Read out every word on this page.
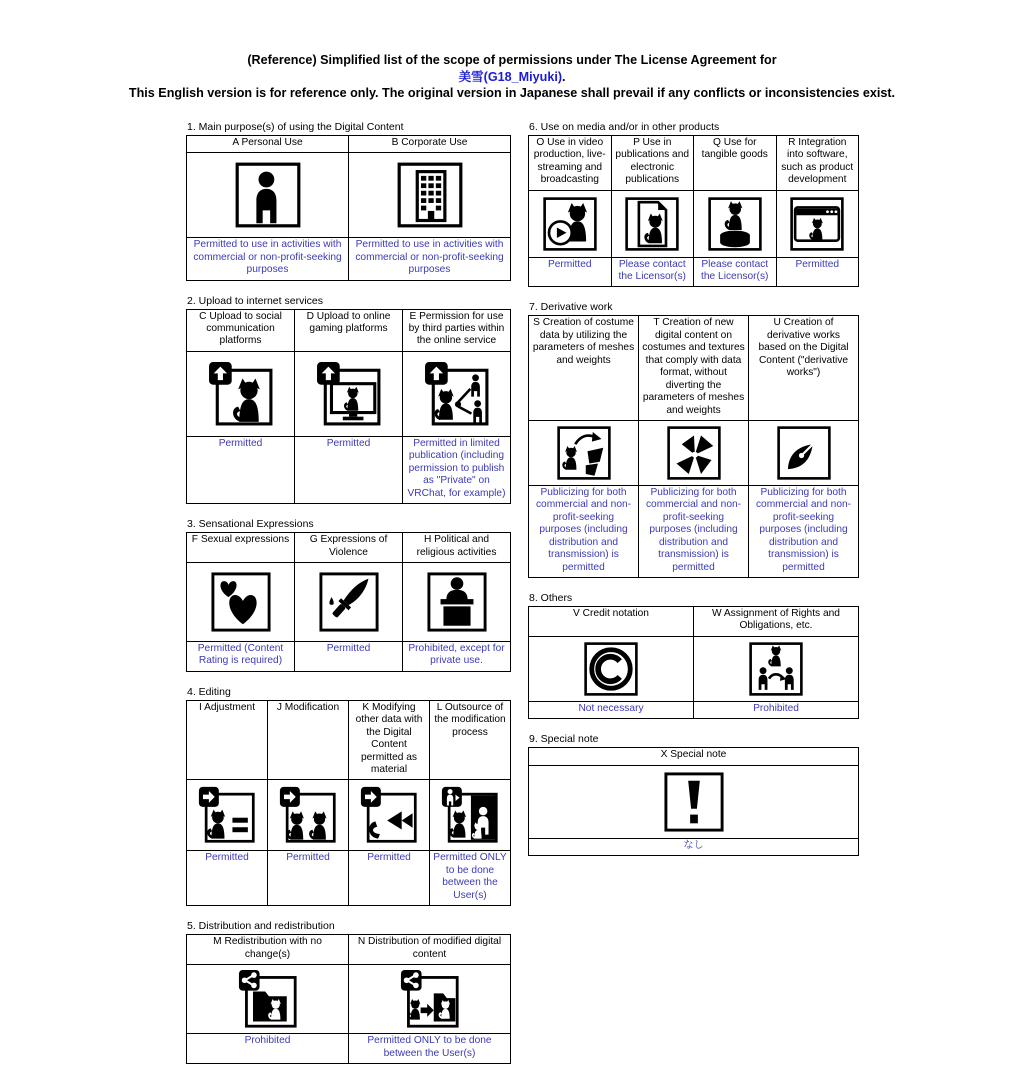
(Reference) Simplified list of the scope of permissions under The License Agreement for
美雪(G18_Miyuki).
This English version is for reference only. The original version in Japanese shall prevail if any conflicts or inconsistencies exist.
1. Main purpose(s) of using the Digital Content
A Personal Use	B Corporate Use

Permitted to use in activities with commercial or non-profit-seeking purposes	Permitted to use in activities with commercial or non-profit-seeking purposes
2. Upload to internet services
C Upload to social communication platforms	D Upload to online gaming platforms	E Permission for use by third parties within the online service

Permitted	Permitted	Permitted in limited publication (including permission to publish as "Private" on VRChat, for example)
3. Sensational Expressions
F Sexual expressions	G Expressions of Violence	H Political and religious activities

Permitted (Content Rating is required)	Permitted	Prohibited, except for private use.
4. Editing
I Adjustment	J Modification	K Modifying other data with the Digital Content permitted as material	L Outsource of the modification process

Permitted	Permitted	Permitted	Permitted ONLY to be done between the User(s)
5. Distribution and redistribution
M Redistribution with no change(s)	N Distribution of modified digital content

Prohibited	Permitted ONLY to be done between the User(s)
6. Use on media and/or in other products
O Use in video production, live-streaming and broadcasting	P Use in publications and electronic publications	Q Use for tangible goods	R Integration into software, such as product development

Permitted	Please contact the Licensor(s)	Please contact the Licensor(s)	Permitted
7. Derivative work
S Creation of costume data by utilizing the parameters of meshes and weights	T Creation of new digital content on costumes and textures that comply with data format, without diverting the parameters of meshes and weights	U Creation of derivative works based on the Digital Content ("derivative works")

Publicizing for both commercial and non-profit-seeking purposes (including distribution and transmission) is permitted	Publicizing for both commercial and non-profit-seeking purposes (including distribution and transmission) is permitted	Publicizing for both commercial and non-profit-seeking purposes (including distribution and transmission) is permitted
8. Others
V Credit notation	W Assignment of Rights and Obligations, etc.

Not necessary	Prohibited
9. Special note
X Special note

なし
